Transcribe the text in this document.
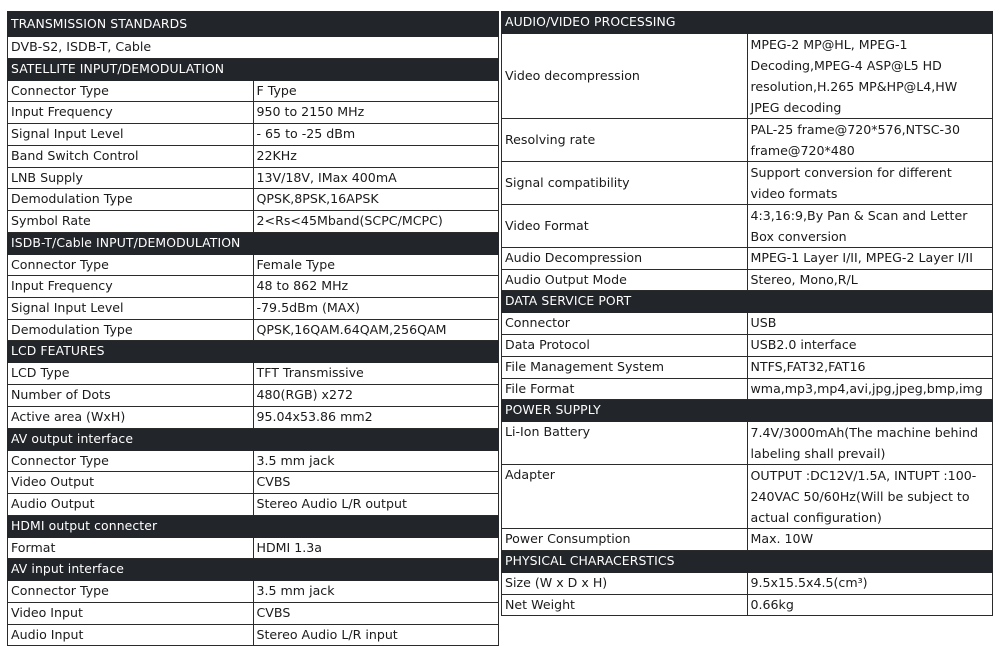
TRANSMISSION STANDARDS	
DVB-S2, ISDB-T, Cable	
SATELLITE INPUT/DEMODULATION	
Connector Type	F Type
Input Frequency	950 to 2150 MHz
Signal Input Level	- 65 to -25 dBm
Band Switch Control	22KHz
LNB Supply	13V/18V, IMax 400mA
Demodulation Type	QPSK,8PSK,16APSK
Symbol Rate	2<Rs<45Mband(SCPC/MCPC)
ISDB-T/Cable INPUT/DEMODULATION	
Connector Type	Female Type
Input Frequency	48 to 862 MHz
Signal Input Level	-79.5dBm (MAX)
Demodulation Type	QPSK,16QAM.64QAM,256QAM
LCD FEATURES	
LCD Type	TFT Transmissive
Number of Dots	480(RGB) x272
Active area (WxH)	95.04x53.86 mm2
AV output interface	
Connector Type	3.5 mm jack
Video Output	CVBS
Audio Output	Stereo Audio L/R output
HDMI output connecter	
Format	HDMI 1.3a
AV input interface	
Connector Type	3.5 mm jack
Video Input	CVBS
Audio Input	Stereo Audio L/R input
AUDIO/VIDEO PROCESSING	
Video decompression	MPEG-2 MP@HL, MPEG-1 Decoding,MPEG-4 ASP@L5 HD resolution,H.265 MP&HP@L4,HW JPEG decoding
Resolving rate	PAL-25 frame@720*576,NTSC-30 frame@720*480
Signal compatibility	Support conversion for different video formats
Video Format	4:3,16:9,By Pan & Scan and Letter Box conversion
Audio Decompression	MPEG-1 Layer I/II, MPEG-2 Layer I/II
Audio Output Mode	Stereo, Mono,R/L
DATA SERVICE PORT	
Connector	USB
Data Protocol	USB2.0 interface
File Management System	NTFS,FAT32,FAT16
File Format	wma,mp3,mp4,avi,jpg,jpeg,bmp,img
POWER SUPPLY	
Li-Ion Battery	7.4V/3000mAh(The machine behind labeling shall prevail)
Adapter	OUTPUT :DC12V/1.5A, INTUPT :100-240VAC 50/60Hz(Will be subject to actual configuration)
Power Consumption	Max. 10W
PHYSICAL CHARACERSTICS	
Size (W x D x H)	9.5x15.5x4.5(cm³)
Net Weight	0.66kg
